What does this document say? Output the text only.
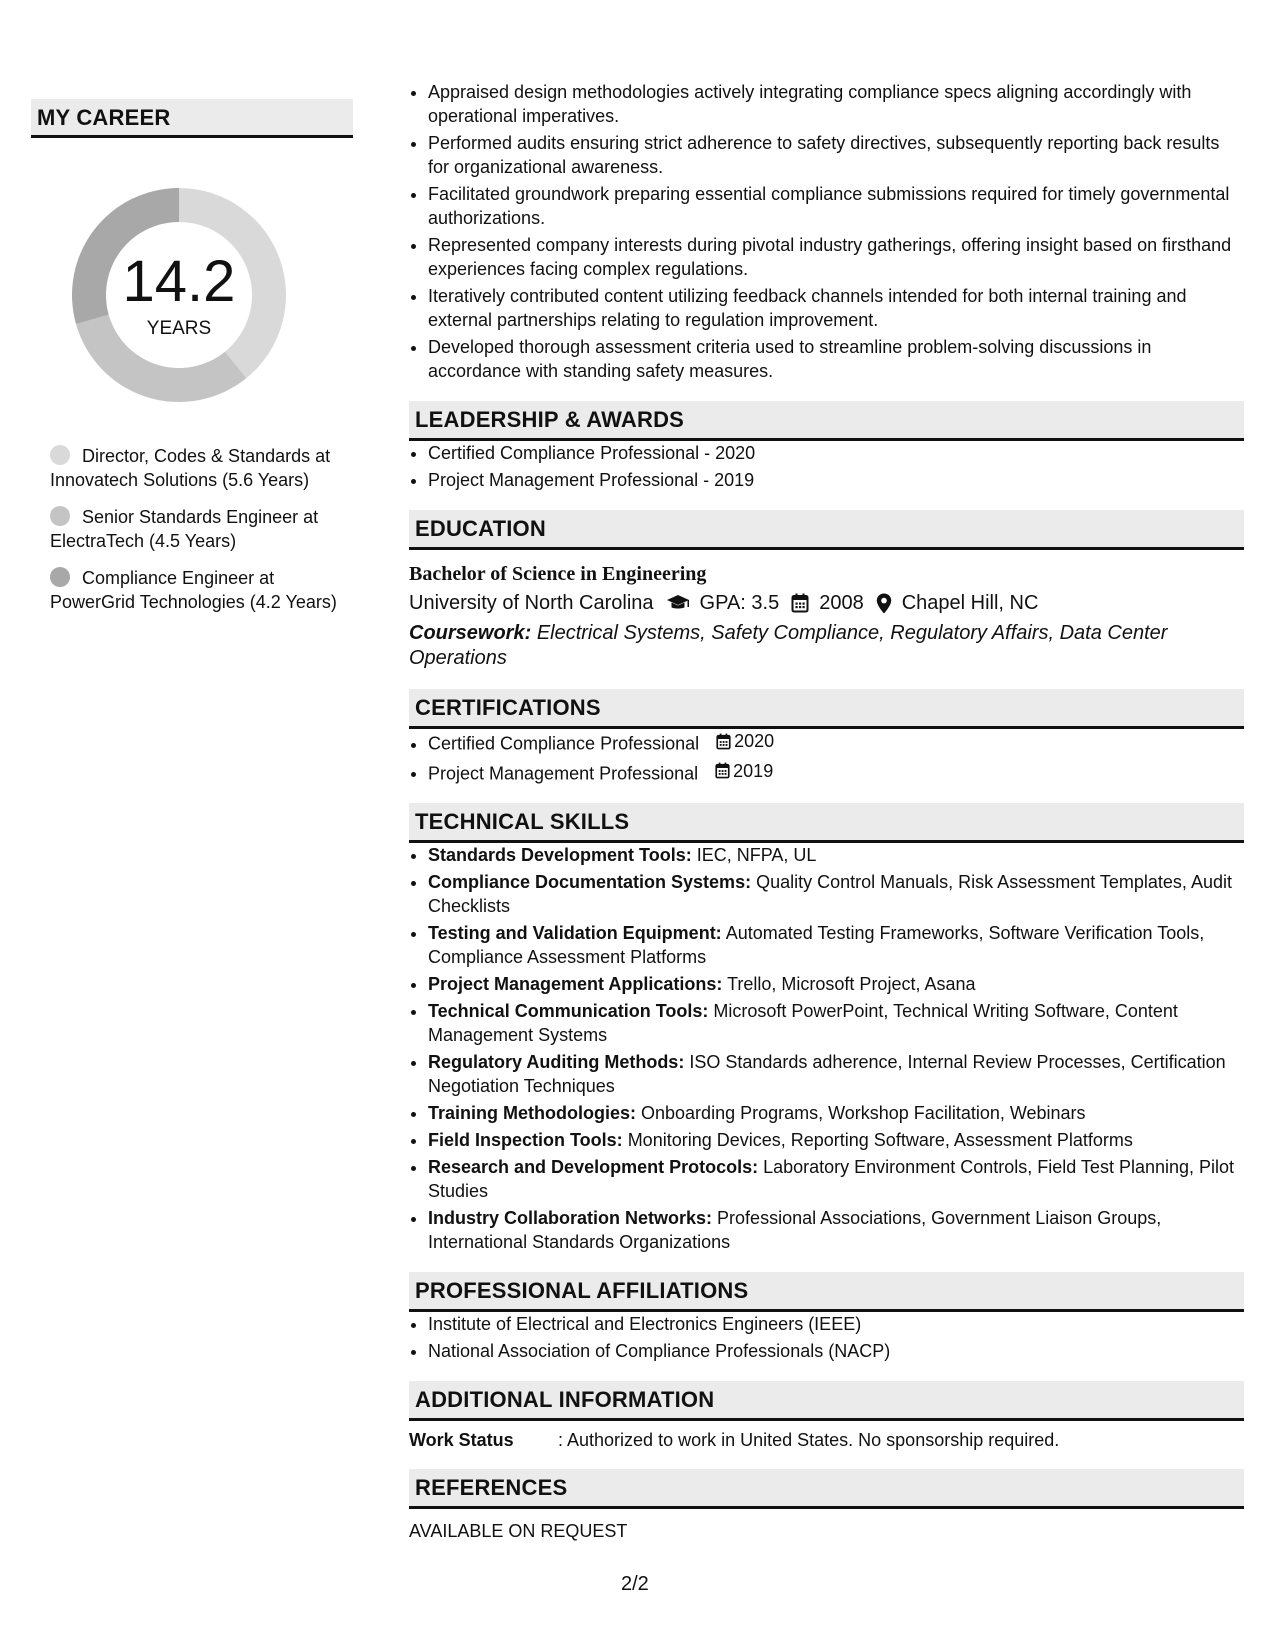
MY CAREER
14.2
YEARS
Director, Codes & Standards at Innovatech Solutions (5.6 Years)
Senior Standards Engineer at ElectraTech (4.5 Years)
Compliance Engineer at PowerGrid Technologies (4.2 Years)
• Appraised design methodologies actively integrating compliance specs aligning accordingly with operational imperatives.
• Performed audits ensuring strict adherence to safety directives, subsequently reporting back results for organizational awareness.
• Facilitated groundwork preparing essential compliance submissions required for timely governmental authorizations.
• Represented company interests during pivotal industry gatherings, offering insight based on firsthand experiences facing complex regulations.
• Iteratively contributed content utilizing feedback channels intended for both internal training and external partnerships relating to regulation improvement.
• Developed thorough assessment criteria used to streamline problem-solving discussions in accordance with standing safety measures.
LEADERSHIP & AWARDS
• Certified Compliance Professional - 2020
• Project Management Professional - 2019
EDUCATION
Bachelor of Science in Engineering
University of North Carolina GPA: 3.5 2008 Chapel Hill, NC
Coursework: Electrical Systems, Safety Compliance, Regulatory Affairs, Data Center Operations
CERTIFICATIONS
• Certified Compliance Professional 2020
• Project Management Professional 2019
TECHNICAL SKILLS
• Standards Development Tools: IEC, NFPA, UL
• Compliance Documentation Systems: Quality Control Manuals, Risk Assessment Templates, Audit Checklists
• Testing and Validation Equipment: Automated Testing Frameworks, Software Verification Tools, Compliance Assessment Platforms
• Project Management Applications: Trello, Microsoft Project, Asana
• Technical Communication Tools: Microsoft PowerPoint, Technical Writing Software, Content Management Systems
• Regulatory Auditing Methods: ISO Standards adherence, Internal Review Processes, Certification Negotiation Techniques
• Training Methodologies: Onboarding Programs, Workshop Facilitation, Webinars
• Field Inspection Tools: Monitoring Devices, Reporting Software, Assessment Platforms
• Research and Development Protocols: Laboratory Environment Controls, Field Test Planning, Pilot Studies
• Industry Collaboration Networks: Professional Associations, Government Liaison Groups, International Standards Organizations
PROFESSIONAL AFFILIATIONS
• Institute of Electrical and Electronics Engineers (IEEE)
• National Association of Compliance Professionals (NACP)
ADDITIONAL INFORMATION
Work Status	: Authorized to work in United States. No sponsorship required.
REFERENCES
AVAILABLE ON REQUEST
2/2
